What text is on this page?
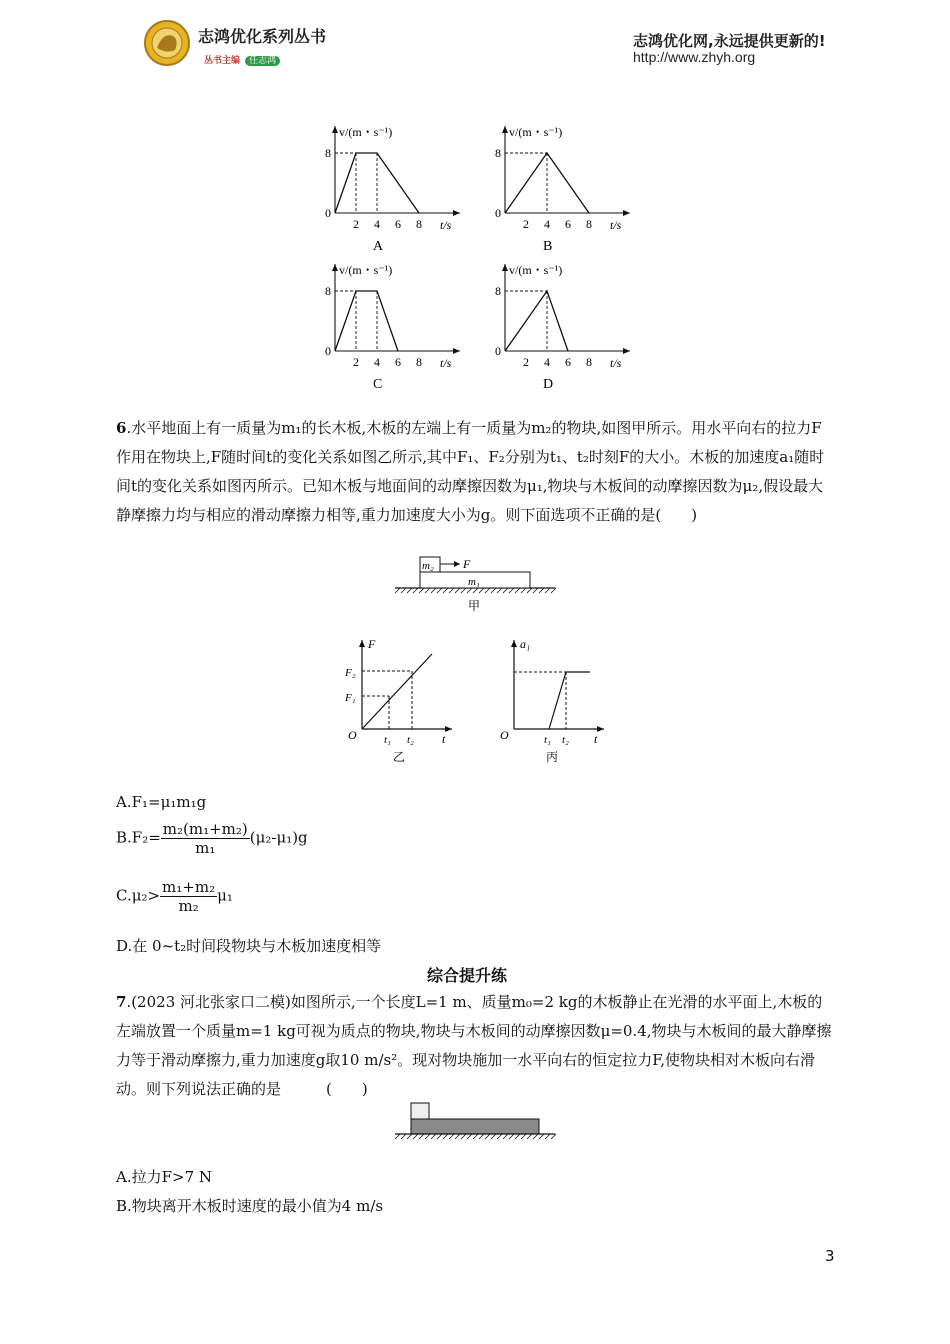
志鸿优化系列丛书
丛书主编 任志鸿
志鸿优化网,永远提供更新的!
http://www.zhyh.org
v/(m・s⁻¹)
t/s
8
0
2 4 6 8
A
v/(m・s⁻¹)
t/s
8
0
2 4 6 8
B
v/(m・s⁻¹)
t/s
8
0
2 4 6 8
C
v/(m・s⁻¹)
t/s
8
0
2 4 6 8
D
6.水平地面上有一质量为m₁的长木板,木板的左端上有一质量为m₂的物块,如图甲所示。用水平向右的拉力F作用在物块上,F随时间t的变化关系如图乙所示,其中F₁、F₂分别为t₁、t₂时刻F的大小。木板的加速度a₁随时间t的变化关系如图丙所示。已知木板与地面间的动摩擦因数为μ₁,物块与木板间的动摩擦因数为μ₂,假设最大静摩擦力均与相应的滑动摩擦力相等,重力加速度大小为g。则下面选项不正确的是(　　)
m₂ F
m₁
甲
F
t
O
F₁
F₂
t₁ t₂
乙
a₁
t
O	t₁ t₂
丙
A.F₁=μ₁m₁g
$B.F_2= \frac{\text{m₂(m₁+m₂)}}{\text{m₁}} (\mu_2-\mu_1)g$
$C.\mu_2> \frac{\text{m₁+m₂}}{\text{m₂}} \mu_1$
D.在 0~t₂时间段物块与木板加速度相等
综合提升练
7.(2023 河北张家口二模)如图所示,一个长度L=1 m、质量m₀=2 kg的木板静止在光滑的水平面上,木板的左端放置一个质量m=1 kg可视为质点的物块,物块与木板间的动摩擦因数μ=0.4,物块与木板间的最大静摩擦力等于滑动摩擦力,重力加速度g取10 m/s²。现对物块施加一水平向右的恒定拉力F,使物块相对木板向右滑动。则下列说法正确的是　　　(　　)
A.拉力F>7 N
B.物块离开木板时速度的最小值为4 m/s
3
